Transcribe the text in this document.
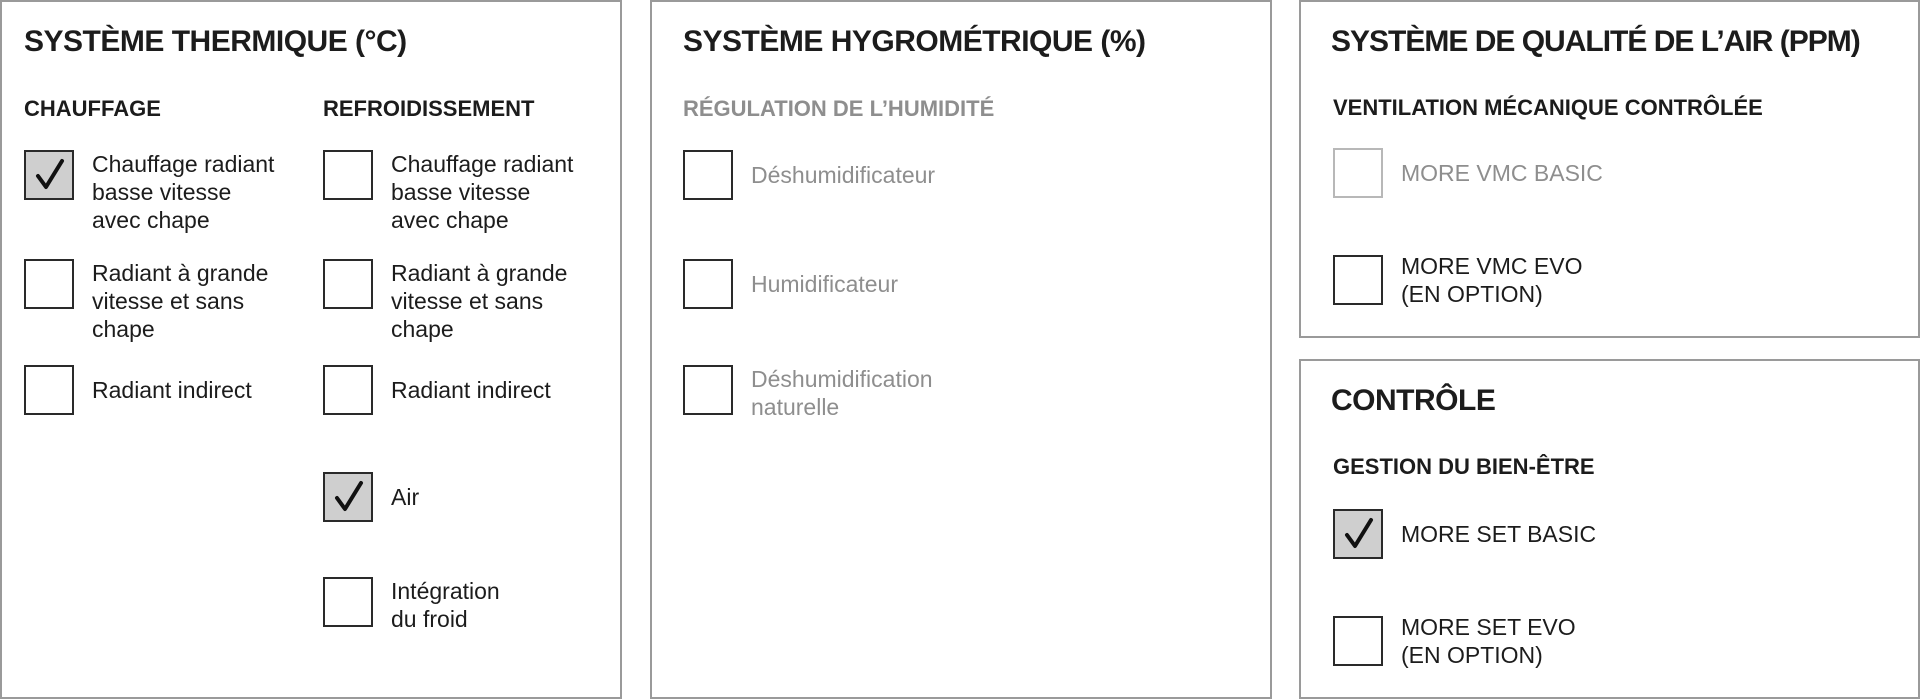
SYSTÈME THERMIQUE (°C)
CHAUFFAGE
Chauffage radiant
basse vitesse
avec chape
Radiant à grande
vitesse et sans
chape
Radiant indirect
REFROIDISSEMENT
Chauffage radiant
basse vitesse
avec chape
Radiant à grande
vitesse et sans
chape
Radiant indirect
Air
Intégration
du froid
SYSTÈME HYGROMÉTRIQUE (%)
RÉGULATION DE L’HUMIDITÉ
Déshumidificateur
Humidificateur
Déshumidification
naturelle
SYSTÈME DE QUALITÉ DE L’AIR (PPM)
VENTILATION MÉCANIQUE CONTRÔLÉE
MORE VMC BASIC
MORE VMC EVO
(EN OPTION)
CONTRÔLE
GESTION DU BIEN-ÊTRE
MORE SET BASIC
MORE SET EVO
(EN OPTION)
